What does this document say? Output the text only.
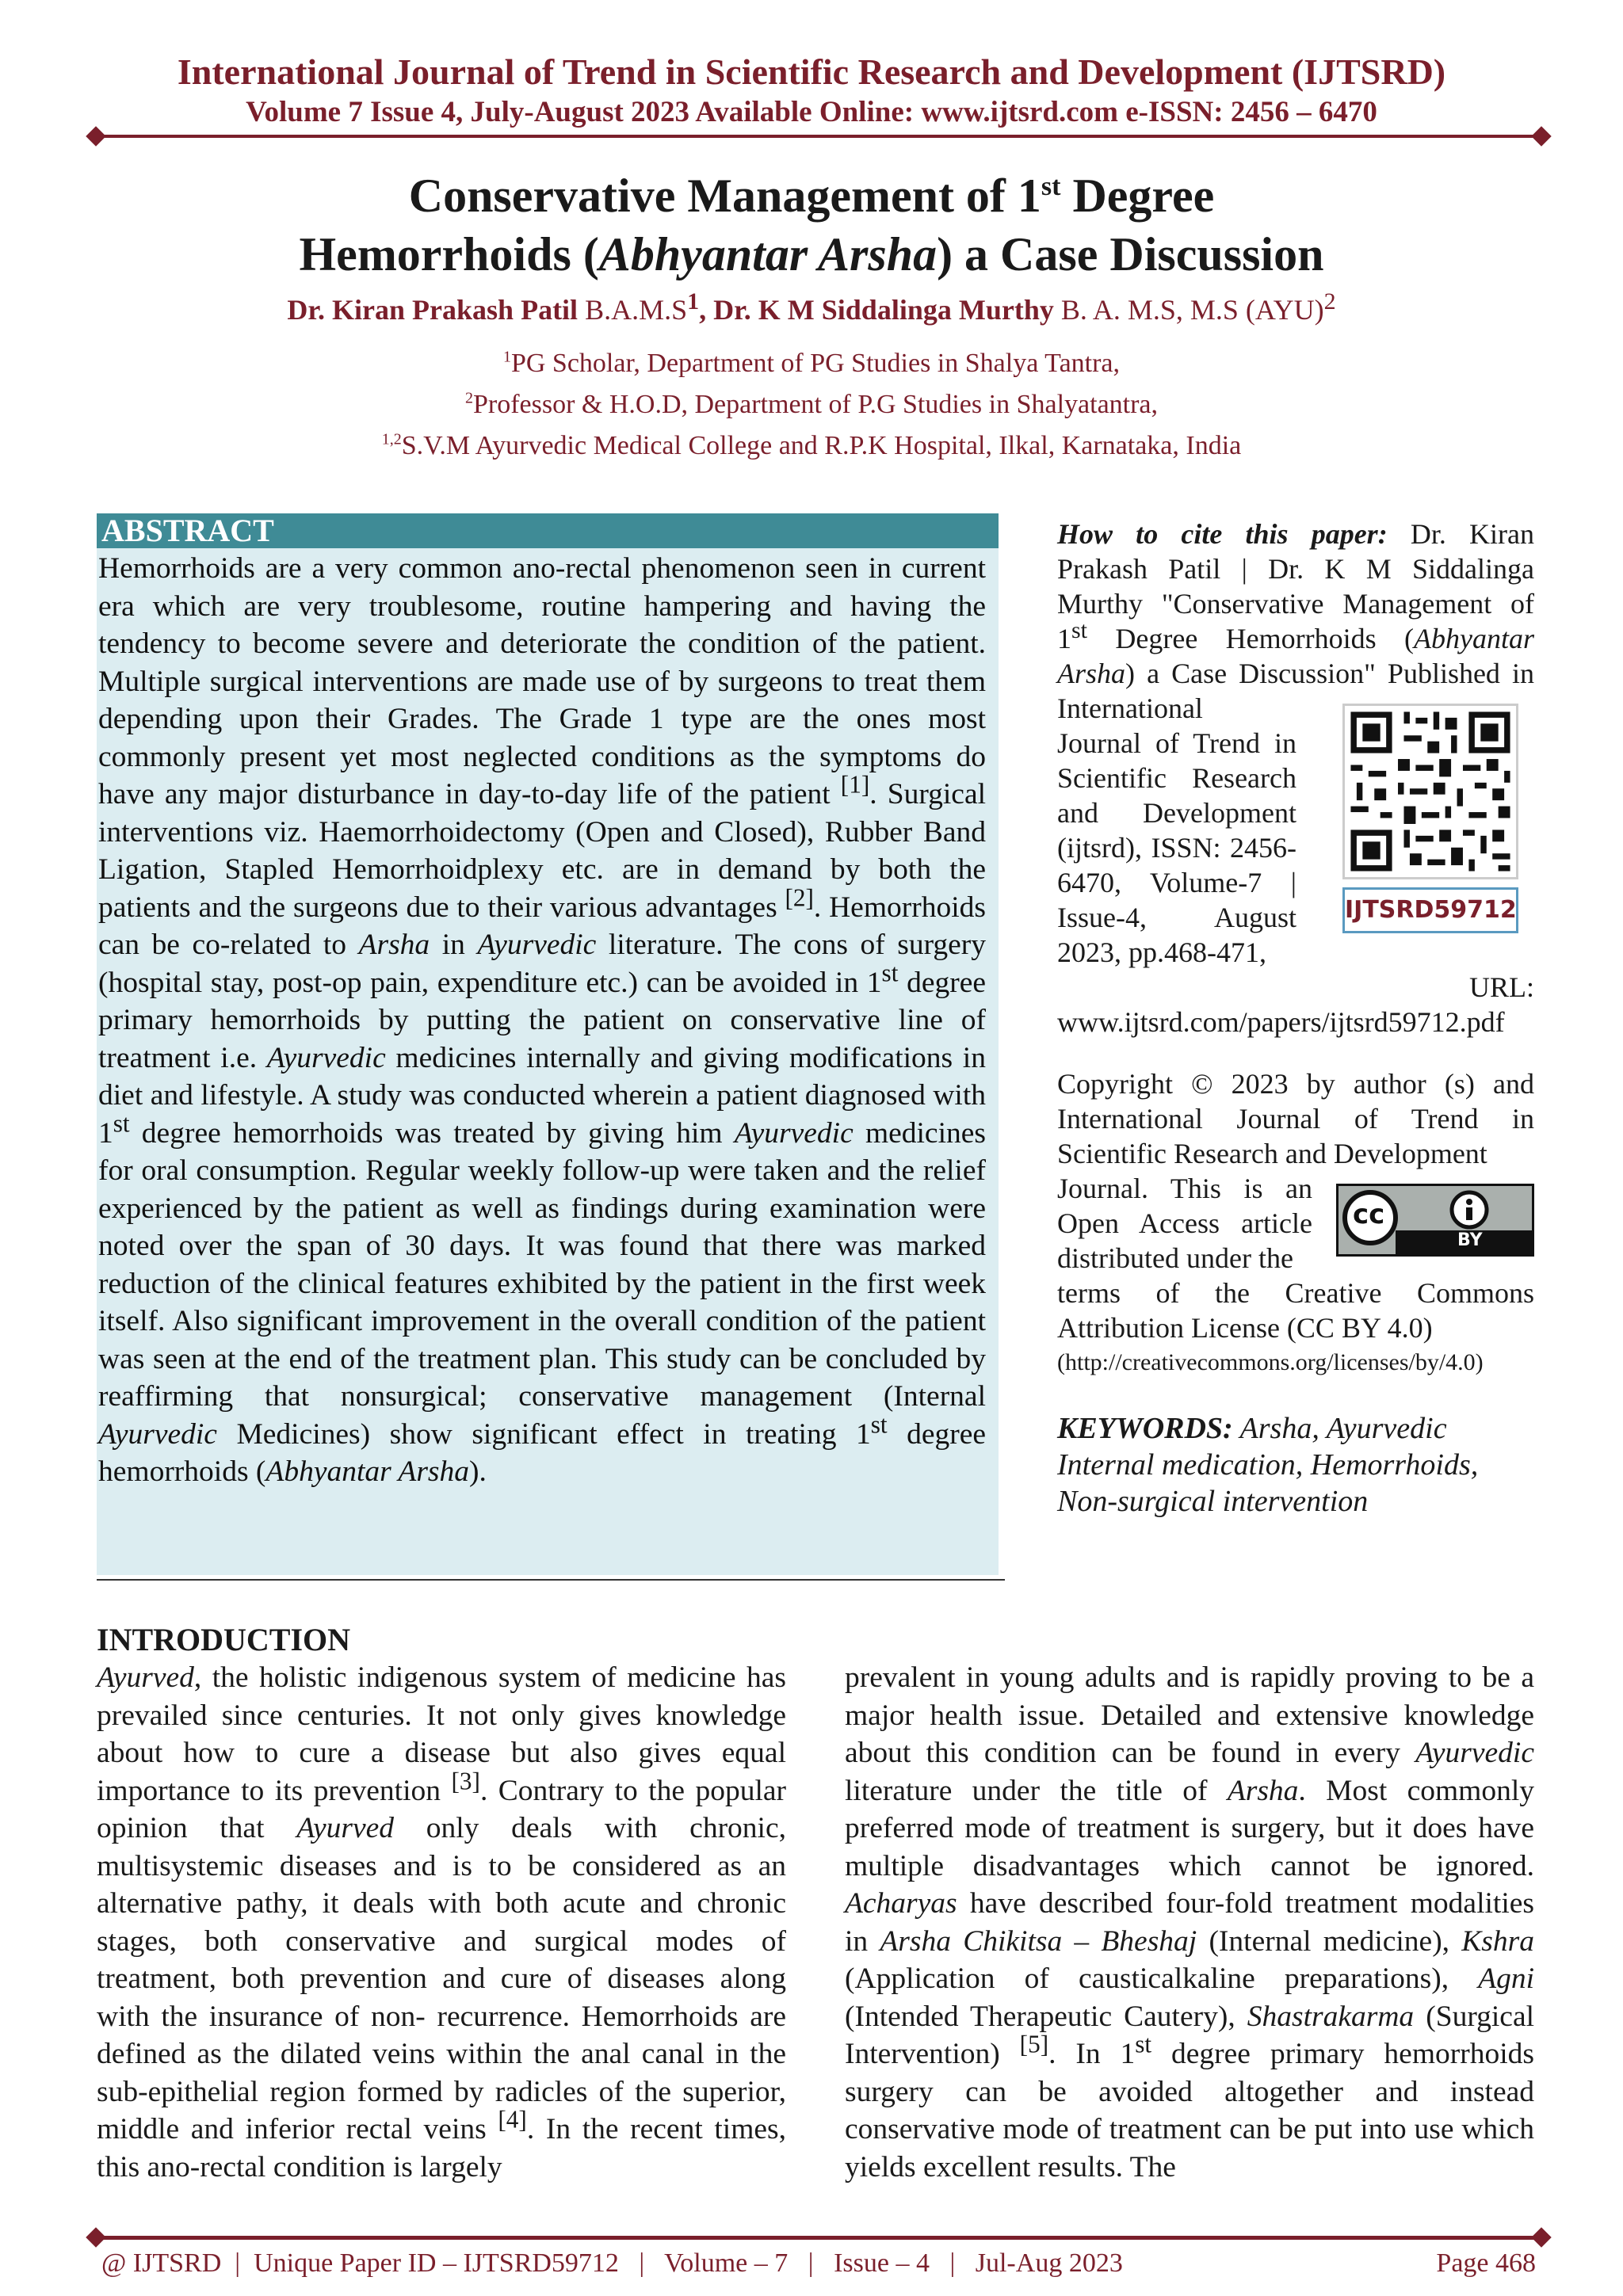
International Journal of Trend in Scientific Research and Development (IJTSRD)
Volume 7 Issue 4, July-August 2023 Available Online: www.ijtsrd.com e-ISSN: 2456 – 6470
Conservative Management of 1st Degree
Hemorrhoids (Abhyantar Arsha) a Case Discussion
Dr. Kiran Prakash Patil $B.A.M.S^1$, Dr. K M Siddalinga Murthy B. A. M.S, M.S (AYU)$^2$
$^1$PG Scholar, Department of PG Studies in Shalya Tantra,
$^2$Professor & H.O.D, Department of P.G Studies in Shalyatantra,
$^{1,2}$S.V.M Ayurvedic Medical College and R.P.K Hospital, Ilkal, Karnataka, India
ABSTRACT
Hemorrhoids are a very common ano-rectal phenomenon seen in current era which are very troublesome, routine hampering and having the tendency to become severe and deteriorate the condition of the patient. Multiple surgical interventions are made use of by surgeons to treat them depending upon their Grades. The Grade 1 type are the ones most commonly present yet most neglected conditions as the symptoms do have any major disturbance in day-to-day life of the patient [1]. Surgical interventions viz. Haemorrhoidectomy (Open and Closed), Rubber Band Ligation, Stapled Hemorrhoidplexy etc. are in demand by both the patients and the surgeons due to their various advantages [2]. Hemorrhoids can be co-related to Arsha in Ayurvedic literature. The cons of surgery (hospital stay, post-op pain, expenditure etc.) can be avoided in 1st degree primary hemorrhoids by putting the patient on conservative line of treatment i.e. Ayurvedic medicines internally and giving modifications in diet and lifestyle. A study was conducted wherein a patient diagnosed with 1st degree hemorrhoids was treated by giving him Ayurvedic medicines for oral consumption. Regular weekly follow-up were taken and the relief experienced by the patient as well as findings during examination were noted over the span of 30 days. It was found that there was marked reduction of the clinical features exhibited by the patient in the first week itself. Also significant improvement in the overall condition of the patient was seen at the end of the treatment plan. This study can be concluded by reaffirming that nonsurgical; conservative management (Internal Ayurvedic Medicines) show significant effect in treating 1st degree hemorrhoids (Abhyantar Arsha).
How to cite this paper: Dr. Kiran Prakash Patil | Dr. K M Siddalinga Murthy "Conservative Management of 1st Degree Hemorrhoids (Abhyantar Arsha) a Case Discussion" Published in International
Journal of Trend in Scientific Research and Development (ijtsrd), ISSN: 2456-6470, Volume-7 | Issue-4, August 2023, pp.468-471,
URL:
www.ijtsrd.com/papers/ijtsrd59712.pdf
IJTSRD59712
Copyright © 2023 by author (s) and International Journal of Trend in Scientific Research and Development
Journal. This is an Open Access article distributed under the
cc
BY
terms of the Creative Commons Attribution License (CC BY 4.0)
(http://creativecommons.org/licenses/by/4.0)
KEYWORDS: Arsha, Ayurvedic Internal medication, Hemorrhoids, Non-surgical intervention
INTRODUCTION
Ayurved, the holistic indigenous system of medicine has prevailed since centuries. It not only gives knowledge about how to cure a disease but also gives equal importance to its prevention [3]. Contrary to the popular opinion that Ayurved only deals with chronic, multisystemic diseases and is to be considered as an alternative pathy, it deals with both acute and chronic stages, both conservative and surgical modes of treatment, both prevention and cure of diseases along with the insurance of non- recurrence. Hemorrhoids are defined as the dilated veins within the anal canal in the sub-epithelial region formed by radicles of the superior, middle and inferior rectal veins [4]. In the recent times, this ano-rectal condition is largely
prevalent in young adults and is rapidly proving to be a major health issue. Detailed and extensive knowledge about this condition can be found in every Ayurvedic literature under the title of Arsha. Most commonly preferred mode of treatment is surgery, but it does have multiple disadvantages which cannot be ignored. Acharyas have described four-fold treatment modalities in Arsha Chikitsa – Bheshaj (Internal medicine), Kshra (Application of causticalkaline preparations), Agni (Intended Therapeutic Cautery), Shastrakarma (Surgical Intervention) [5]. In 1st degree primary hemorrhoids surgery can be avoided altogether and instead conservative mode of treatment can be put into use which yields excellent results. The
@ IJTSRD  |  Unique Paper ID – IJTSRD59712   |   Volume – 7   |   Issue – 4   |   Jul-Aug 2023	Page 468
